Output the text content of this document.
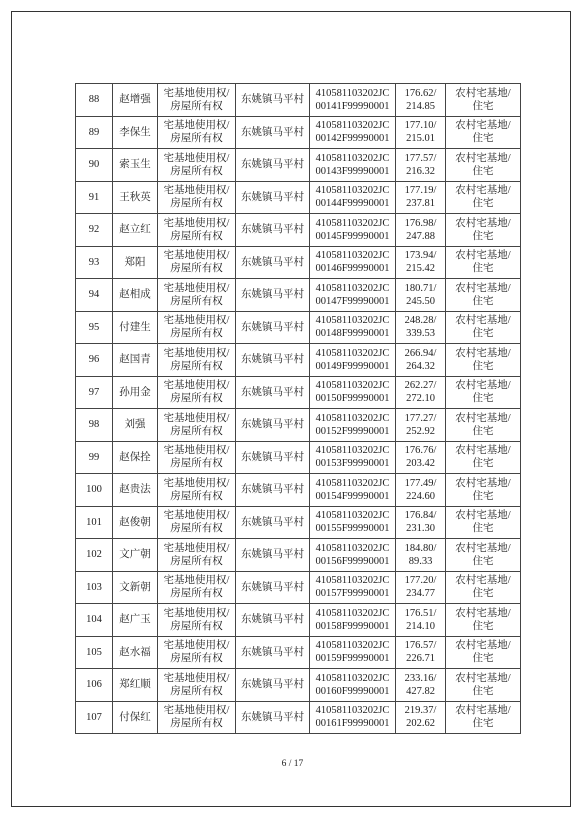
88	赵增强	宅基地使用权/
房屋所有权	东姚镇马平村	410581103202JC
00141F99990001	176.62/
214.85	农村宅基地/
住宅

89	李保生	宅基地使用权/
房屋所有权	东姚镇马平村	410581103202JC
00142F99990001	177.10/
215.01	农村宅基地/
住宅

90	索玉生	宅基地使用权/
房屋所有权	东姚镇马平村	410581103202JC
00143F99990001	177.57/
216.32	农村宅基地/
住宅

91	王秋英	宅基地使用权/
房屋所有权	东姚镇马平村	410581103202JC
00144F99990001	177.19/
237.81	农村宅基地/
住宅

92	赵立红	宅基地使用权/
房屋所有权	东姚镇马平村	410581103202JC
00145F99990001	176.98/
247.88	农村宅基地/
住宅

93	郑阳	宅基地使用权/
房屋所有权	东姚镇马平村	410581103202JC
00146F99990001	173.94/
215.42	农村宅基地/
住宅

94	赵相成	宅基地使用权/
房屋所有权	东姚镇马平村	410581103202JC
00147F99990001	180.71/
245.50	农村宅基地/
住宅

95	付建生	宅基地使用权/
房屋所有权	东姚镇马平村	410581103202JC
00148F99990001	248.28/
339.53	农村宅基地/
住宅

96	赵国青	宅基地使用权/
房屋所有权	东姚镇马平村	410581103202JC
00149F99990001	266.94/
264.32	农村宅基地/
住宅

97	孙用金	宅基地使用权/
房屋所有权	东姚镇马平村	410581103202JC
00150F99990001	262.27/
272.10	农村宅基地/
住宅

98	刘强	宅基地使用权/
房屋所有权	东姚镇马平村	410581103202JC
00152F99990001	177.27/
252.92	农村宅基地/
住宅

99	赵保拴	宅基地使用权/
房屋所有权	东姚镇马平村	410581103202JC
00153F99990001	176.76/
203.42	农村宅基地/
住宅

100	赵贵法	宅基地使用权/
房屋所有权	东姚镇马平村	410581103202JC
00154F99990001	177.49/
224.60	农村宅基地/
住宅

101	赵俊朝	宅基地使用权/
房屋所有权	东姚镇马平村	410581103202JC
00155F99990001	176.84/
231.30	农村宅基地/
住宅

102	文广朝	宅基地使用权/
房屋所有权	东姚镇马平村	410581103202JC
00156F99990001	184.80/
89.33	农村宅基地/
住宅

103	文新朝	宅基地使用权/
房屋所有权	东姚镇马平村	410581103202JC
00157F99990001	177.20/
234.77	农村宅基地/
住宅

104	赵广玉	宅基地使用权/
房屋所有权	东姚镇马平村	410581103202JC
00158F99990001	176.51/
214.10	农村宅基地/
住宅

105	赵水福	宅基地使用权/
房屋所有权	东姚镇马平村	410581103202JC
00159F99990001	176.57/
226.71	农村宅基地/
住宅

106	郑红顺	宅基地使用权/
房屋所有权	东姚镇马平村	410581103202JC
00160F99990001	233.16/
427.82	农村宅基地/
住宅

107	付保红	宅基地使用权/
房屋所有权	东姚镇马平村	410581103202JC
00161F99990001	219.37/
202.62	农村宅基地/
住宅
6 / 17
